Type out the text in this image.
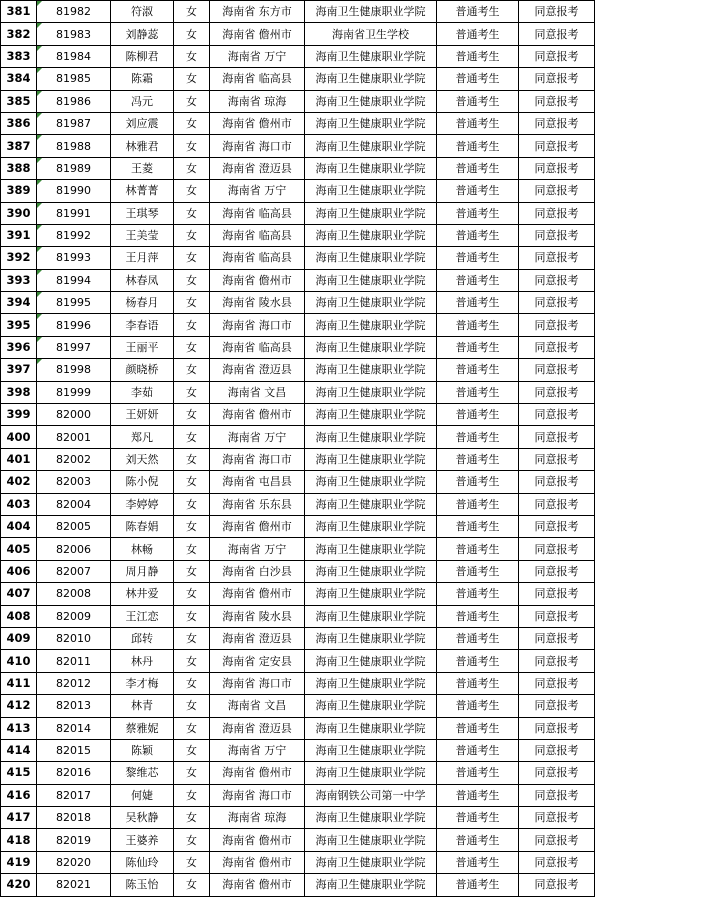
381	81982	符淑	女	海南省 东方市	海南卫生健康职业学院	普通考生	同意报考
382	81983	刘静蕊	女	海南省 儋州市	海南省卫生学校	普通考生	同意报考
383	81984	陈柳君	女	海南省 万宁	海南卫生健康职业学院	普通考生	同意报考
384	81985	陈霜	女	海南省 临高县	海南卫生健康职业学院	普通考生	同意报考
385	81986	冯元	女	海南省 琼海	海南卫生健康职业学院	普通考生	同意报考
386	81987	刘应震	女	海南省 儋州市	海南卫生健康职业学院	普通考生	同意报考
387	81988	林雅君	女	海南省 海口市	海南卫生健康职业学院	普通考生	同意报考
388	81989	王菱	女	海南省 澄迈县	海南卫生健康职业学院	普通考生	同意报考
389	81990	林菁菁	女	海南省 万宁	海南卫生健康职业学院	普通考生	同意报考
390	81991	王琪琴	女	海南省 临高县	海南卫生健康职业学院	普通考生	同意报考
391	81992	王美莹	女	海南省 临高县	海南卫生健康职业学院	普通考生	同意报考
392	81993	王月萍	女	海南省 临高县	海南卫生健康职业学院	普通考生	同意报考
393	81994	林春凤	女	海南省 儋州市	海南卫生健康职业学院	普通考生	同意报考
394	81995	杨春月	女	海南省 陵水县	海南卫生健康职业学院	普通考生	同意报考
395	81996	李春语	女	海南省 海口市	海南卫生健康职业学院	普通考生	同意报考
396	81997	王丽平	女	海南省 临高县	海南卫生健康职业学院	普通考生	同意报考
397	81998	颜晓桥	女	海南省 澄迈县	海南卫生健康职业学院	普通考生	同意报考
398	81999	李茹	女	海南省 文昌	海南卫生健康职业学院	普通考生	同意报考
399	82000	王妍妍	女	海南省 儋州市	海南卫生健康职业学院	普通考生	同意报考
400	82001	郑凡	女	海南省 万宁	海南卫生健康职业学院	普通考生	同意报考
401	82002	刘天然	女	海南省 海口市	海南卫生健康职业学院	普通考生	同意报考
402	82003	陈小倪	女	海南省 屯昌县	海南卫生健康职业学院	普通考生	同意报考
403	82004	李婷婷	女	海南省 乐东县	海南卫生健康职业学院	普通考生	同意报考
404	82005	陈春娟	女	海南省 儋州市	海南卫生健康职业学院	普通考生	同意报考
405	82006	林畅	女	海南省 万宁	海南卫生健康职业学院	普通考生	同意报考
406	82007	周月静	女	海南省 白沙县	海南卫生健康职业学院	普通考生	同意报考
407	82008	林井爱	女	海南省 儋州市	海南卫生健康职业学院	普通考生	同意报考
408	82009	王江恋	女	海南省 陵水县	海南卫生健康职业学院	普通考生	同意报考
409	82010	邱转	女	海南省 澄迈县	海南卫生健康职业学院	普通考生	同意报考
410	82011	林丹	女	海南省 定安县	海南卫生健康职业学院	普通考生	同意报考
411	82012	李才梅	女	海南省 海口市	海南卫生健康职业学院	普通考生	同意报考
412	82013	林青	女	海南省 文昌	海南卫生健康职业学院	普通考生	同意报考
413	82014	蔡雅妮	女	海南省 澄迈县	海南卫生健康职业学院	普通考生	同意报考
414	82015	陈颖	女	海南省 万宁	海南卫生健康职业学院	普通考生	同意报考
415	82016	黎维芯	女	海南省 儋州市	海南卫生健康职业学院	普通考生	同意报考
416	82017	何婕	女	海南省 海口市	海南钢铁公司第一中学	普通考生	同意报考
417	82018	吴秋静	女	海南省 琼海	海南卫生健康职业学院	普通考生	同意报考
418	82019	王婆养	女	海南省 儋州市	海南卫生健康职业学院	普通考生	同意报考
419	82020	陈仙玲	女	海南省 儋州市	海南卫生健康职业学院	普通考生	同意报考
420	82021	陈玉怡	女	海南省 儋州市	海南卫生健康职业学院	普通考生	同意报考
